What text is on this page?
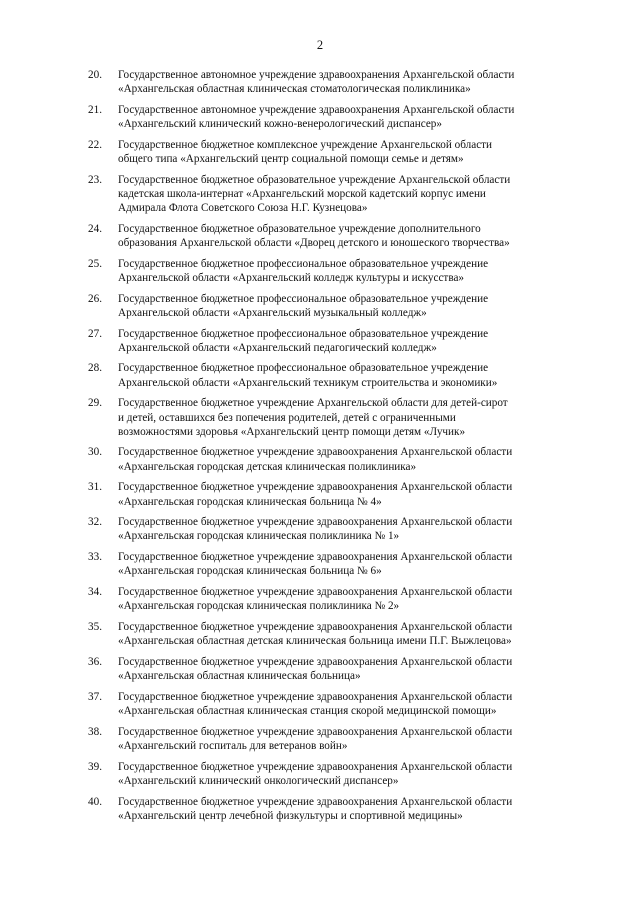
2
20.	Государственное автономное учреждение здравоохранения Архангельской области
«Архангельская областная клиническая стоматологическая поликлиника»
21.	Государственное автономное учреждение здравоохранения Архангельской области
«Архангельский клинический кожно-венерологический диспансер»
22.	Государственное бюджетное комплексное учреждение Архангельской области
общего типа «Архангельский центр социальной помощи семье и детям»
23.	Государственное бюджетное образовательное учреждение Архангельской области
кадетская школа-интернат «Архангельский морской кадетский корпус имени
Адмирала Флота Советского Союза Н.Г. Кузнецова»
24.	Государственное бюджетное образовательное учреждение дополнительного
образования Архангельской области «Дворец детского и юношеского творчества»
25.	Государственное бюджетное профессиональное образовательное учреждение
Архангельской области «Архангельский колледж культуры и искусства»
26.	Государственное бюджетное профессиональное образовательное учреждение
Архангельской области «Архангельский музыкальный колледж»
27.	Государственное бюджетное профессиональное образовательное учреждение
Архангельской области «Архангельский педагогический колледж»
28.	Государственное бюджетное профессиональное образовательное учреждение
Архангельской области «Архангельский техникум строительства и экономики»
29.	Государственное бюджетное учреждение Архангельской области для детей-сирот
и детей, оставшихся без попечения родителей, детей с ограниченными
возможностями здоровья «Архангельский центр помощи детям «Лучик»
30.	Государственное бюджетное учреждение здравоохранения Архангельской области
«Архангельская городская детская клиническая поликлиника»
31.	Государственное бюджетное учреждение здравоохранения Архангельской области
«Архангельская городская клиническая больница № 4»
32.	Государственное бюджетное учреждение здравоохранения Архангельской области
«Архангельская городская клиническая поликлиника № 1»
33.	Государственное бюджетное учреждение здравоохранения Архангельской области
«Архангельская городская клиническая больница № 6»
34.	Государственное бюджетное учреждение здравоохранения Архангельской области
«Архангельская городская клиническая поликлиника № 2»
35.	Государственное бюджетное учреждение здравоохранения Архангельской области
«Архангельская областная детская клиническая больница имени П.Г. Выжлецова»
36.	Государственное бюджетное учреждение здравоохранения Архангельской области
«Архангельская областная клиническая больница»
37.	Государственное бюджетное учреждение здравоохранения Архангельской области
«Архангельская областная клиническая станция скорой медицинской помощи»
38.	Государственное бюджетное учреждение здравоохранения Архангельской области
«Архангельский госпиталь для ветеранов войн»
39.	Государственное бюджетное учреждение здравоохранения Архангельской области
«Архангельский клинический онкологический диспансер»
40.	Государственное бюджетное учреждение здравоохранения Архангельской области
«Архангельский центр лечебной физкультуры и спортивной медицины»
